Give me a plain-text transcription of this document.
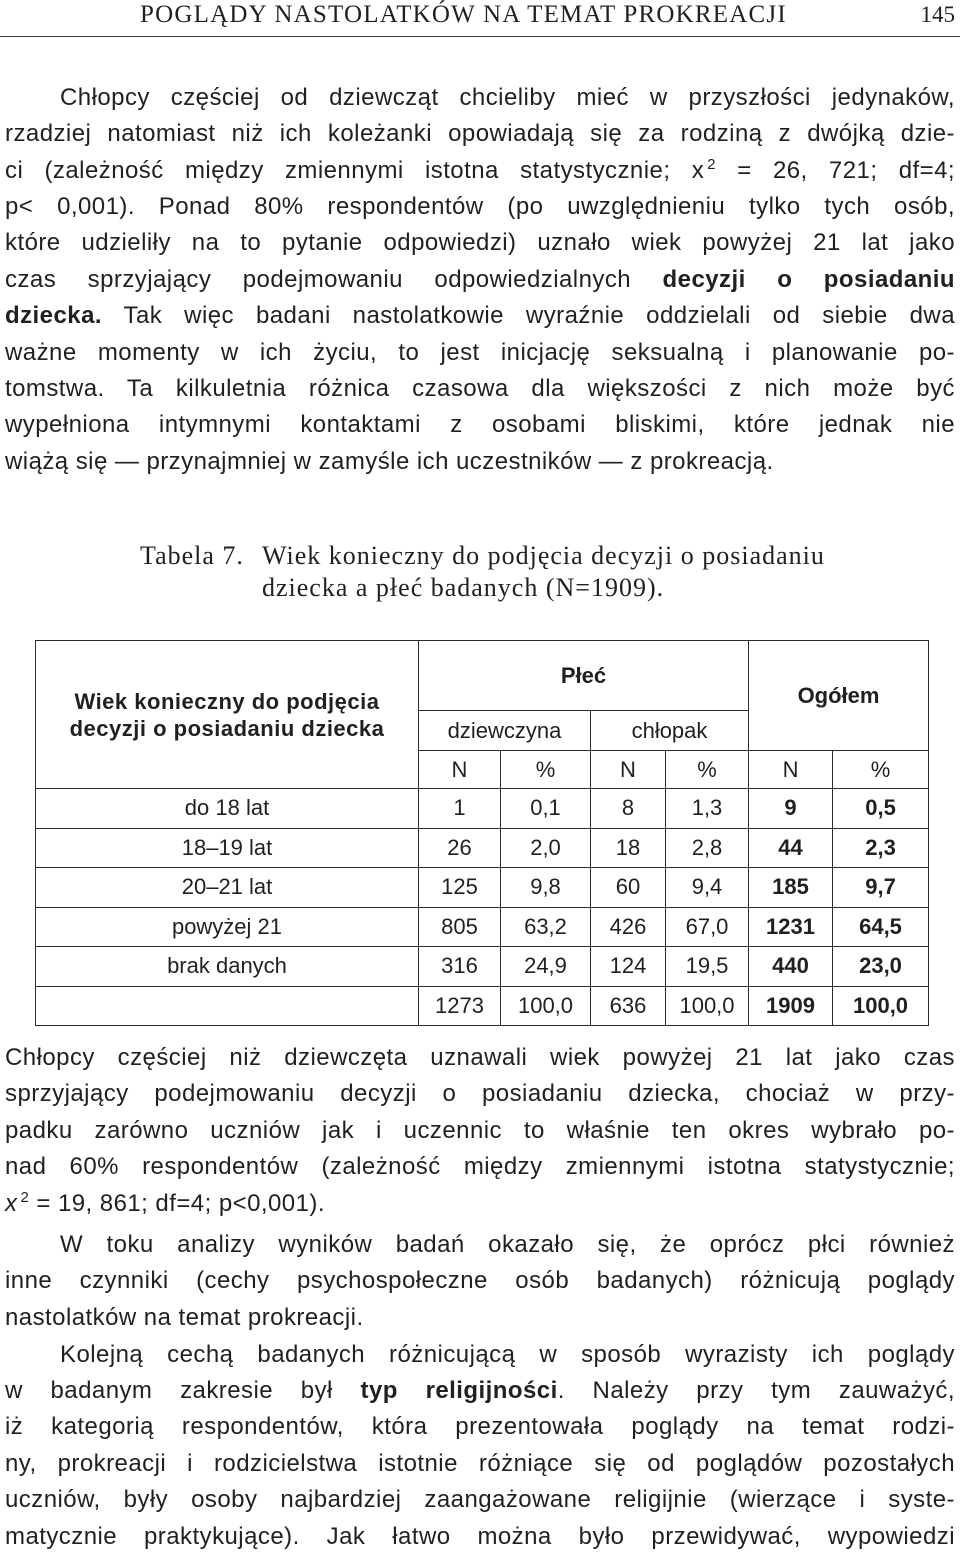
POGLĄDY NASTOLATKÓW NA TEMAT PROKREACJI	145
Chłopcy częściej od dziewcząt chcieliby mieć w przyszłości jedynaków,
rzadziej natomiast niż ich koleżanki opowiadają się za rodziną z dwójką dzie-
ci (zależność między zmiennymi istotna statystycznie; x $^2$ = 26, 721; df=4;
p< 0,001). Ponad 80% respondentów (po uwzględnieniu tylko tych osób,
które udzieliły na to pytanie odpowiedzi) uznało wiek powyżej 21 lat jako
czas sprzyjający podejmowaniu odpowiedzialnych decyzji o posiadaniu
dziecka. Tak więc badani nastolatkowie wyraźnie oddzielali od siebie dwa
ważne momenty w ich życiu, to jest inicjację seksualną i planowanie po-
tomstwa. Ta kilkuletnia różnica czasowa dla większości z nich może być
wypełniona intymnymi kontaktami z osobami bliskimi, które jednak nie
wiążą się — przynajmniej w zamyśle ich uczestników — z prokreacją.
Tabela 7. Wiek konieczny do podjęcia decyzji o posiadaniu
dziecka a płeć badanych (N=1909).
Wiek konieczny do podjęcia
decyzji o posiadaniu dziecka	Płeć				Ogółem	
	dziewczyna		chłopak			
	N	%	N	%	N	%
do 18 lat	1	0,1	8	1,3	9	0,5
18–19 lat	26	2,0	18	2,8	44	2,3
20–21 lat	125	9,8	60	9,4	185	9,7
powyżej 21	805	63,2	426	67,0	1231	64,5
brak danych	316	24,9	124	19,5	440	23,0
	1273	100,0	636	100,0	1909	100,0
Chłopcy częściej niż dziewczęta uznawali wiek powyżej 21 lat jako czas
sprzyjający podejmowaniu decyzji o posiadaniu dziecka, chociaż w przy-
padku zarówno uczniów jak i uczennic to właśnie ten okres wybrało po-
nad 60% respondentów (zależność między zmiennymi istotna statystycznie;
x $^2$ = 19, 861; df=4; p<0,001).
W toku analizy wyników badań okazało się, że oprócz płci również
inne czynniki (cechy psychospołeczne osób badanych) różnicują poglądy
nastolatków na temat prokreacji.
Kolejną cechą badanych różnicującą w sposób wyrazisty ich poglądy
w badanym zakresie był typ religijności. Należy przy tym zauważyć,
iż kategorią respondentów, która prezentowała poglądy na temat rodzi-
ny, prokreacji i rodzicielstwa istotnie różniące się od poglądów pozostałych
uczniów, były osoby najbardziej zaangażowane religijnie (wierzące i syste-
matycznie praktykujące). Jak łatwo można było przewidywać, wypowiedzi
